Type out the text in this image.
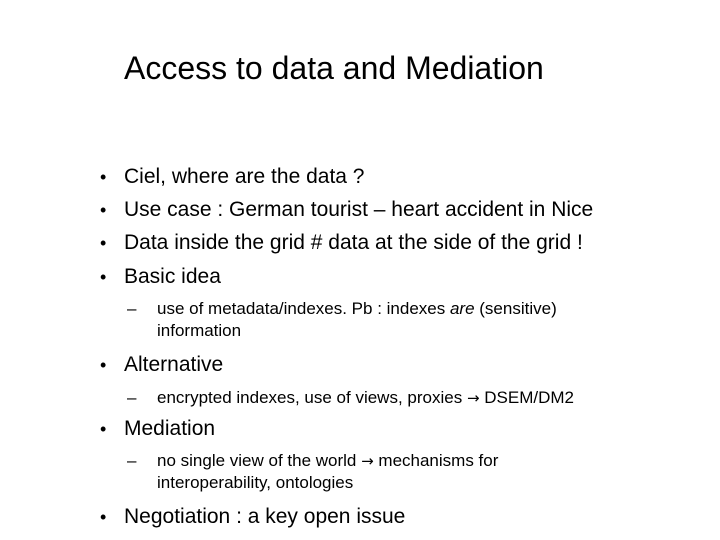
Access to data and Mediation
• Ciel, where are the data ?
• Use case : German tourist – heart accident in Nice
• Data inside the grid # data at the side of the grid !
• Basic idea
– use of metadata/indexes. Pb : indexes are (sensitive)
information
• Alternative
– encrypted indexes, use of views, proxies → DSEM/DM2
• Mediation
– no single view of the world → mechanisms for
interoperability, ontologies
• Negotiation : a key open issue
